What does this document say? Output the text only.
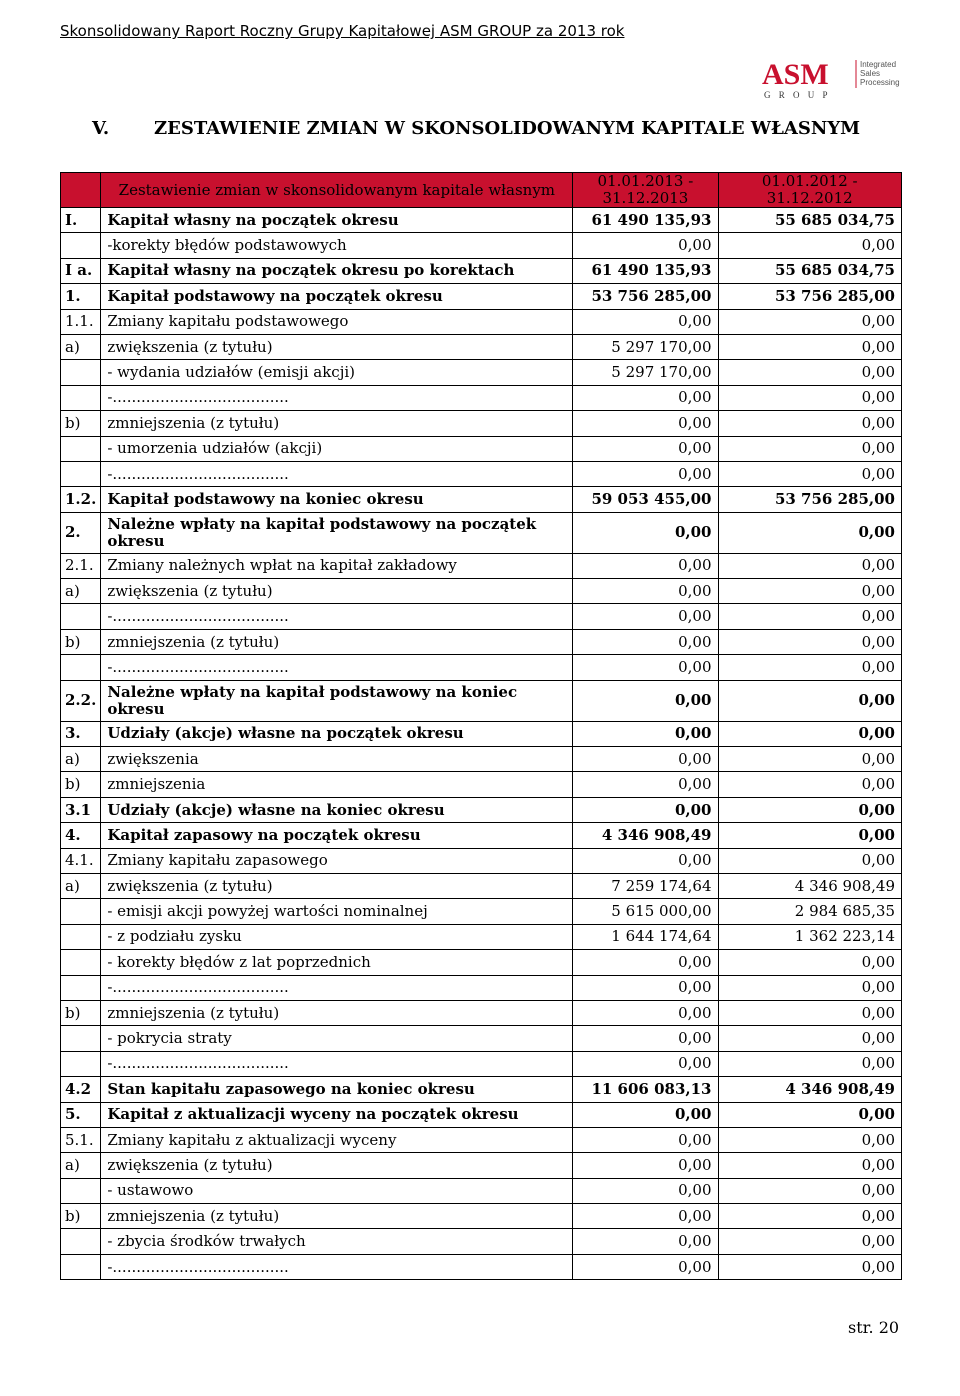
Skonsolidowany Raport Roczny Grupy Kapitałowej ASM GROUP za 2013 rok
ASM	Integrated
Sales
Processing
G R O U P
V. ZESTAWIENIE ZMIAN W SKONSOLIDOWANYM KAPITALE WŁASNYM
	Zestawienie zmian w skonsolidowanym kapitale własnym	01.01.2013 - 31.12.2013	01.01.2012 - 31.12.2012
I.	Kapitał własny na początek okresu	61 490 135,93	55 685 034,75
	-korekty błędów podstawowych	0,00	0,00
I a.	Kapitał własny na początek okresu po korektach	61 490 135,93	55 685 034,75
1.	Kapitał podstawowy na początek okresu	53 756 285,00	53 756 285,00
1.1.	Zmiany kapitału podstawowego	0,00	0,00
a)	zwiększenia (z tytułu)	5 297 170,00	0,00
	- wydania udziałów (emisji akcji)	5 297 170,00	0,00
	-.....................................	0,00	0,00
b)	zmniejszenia (z tytułu)	0,00	0,00
	- umorzenia udziałów (akcji)	0,00	0,00
	-.....................................	0,00	0,00
1.2.	Kapitał podstawowy na koniec okresu	59 053 455,00	53 756 285,00
2.	Należne wpłaty na kapitał podstawowy na początek okresu	0,00	0,00
2.1.	Zmiany należnych wpłat na kapitał zakładowy	0,00	0,00
a)	zwiększenia (z tytułu)	0,00	0,00
	-.....................................	0,00	0,00
b)	zmniejszenia (z tytułu)	0,00	0,00
	-.....................................	0,00	0,00
2.2.	Należne wpłaty na kapitał podstawowy na koniec okresu	0,00	0,00
3.	Udziały (akcje) własne na początek okresu	0,00	0,00
a)	zwiększenia	0,00	0,00
b)	zmniejszenia	0,00	0,00
3.1	Udziały (akcje) własne na koniec okresu	0,00	0,00
4.	Kapitał zapasowy na początek okresu	4 346 908,49	0,00
4.1.	Zmiany kapitału zapasowego	0,00	0,00
a)	zwiększenia (z tytułu)	7 259 174,64	4 346 908,49
	- emisji akcji powyżej wartości nominalnej	5 615 000,00	2 984 685,35
	- z podziału zysku	1 644 174,64	1 362 223,14
	- korekty błędów z lat poprzednich	0,00	0,00
	-.....................................	0,00	0,00
b)	zmniejszenia (z tytułu)	0,00	0,00
	- pokrycia straty	0,00	0,00
	-.....................................	0,00	0,00
4.2	Stan kapitału zapasowego na koniec okresu	11 606 083,13	4 346 908,49
5.	Kapitał z aktualizacji wyceny na początek okresu	0,00	0,00
5.1.	Zmiany kapitału z aktualizacji wyceny	0,00	0,00
a)	zwiększenia (z tytułu)	0,00	0,00
	- ustawowo	0,00	0,00
b)	zmniejszenia (z tytułu)	0,00	0,00
	- zbycia środków trwałych	0,00	0,00
	-.....................................	0,00	0,00
str. 20
